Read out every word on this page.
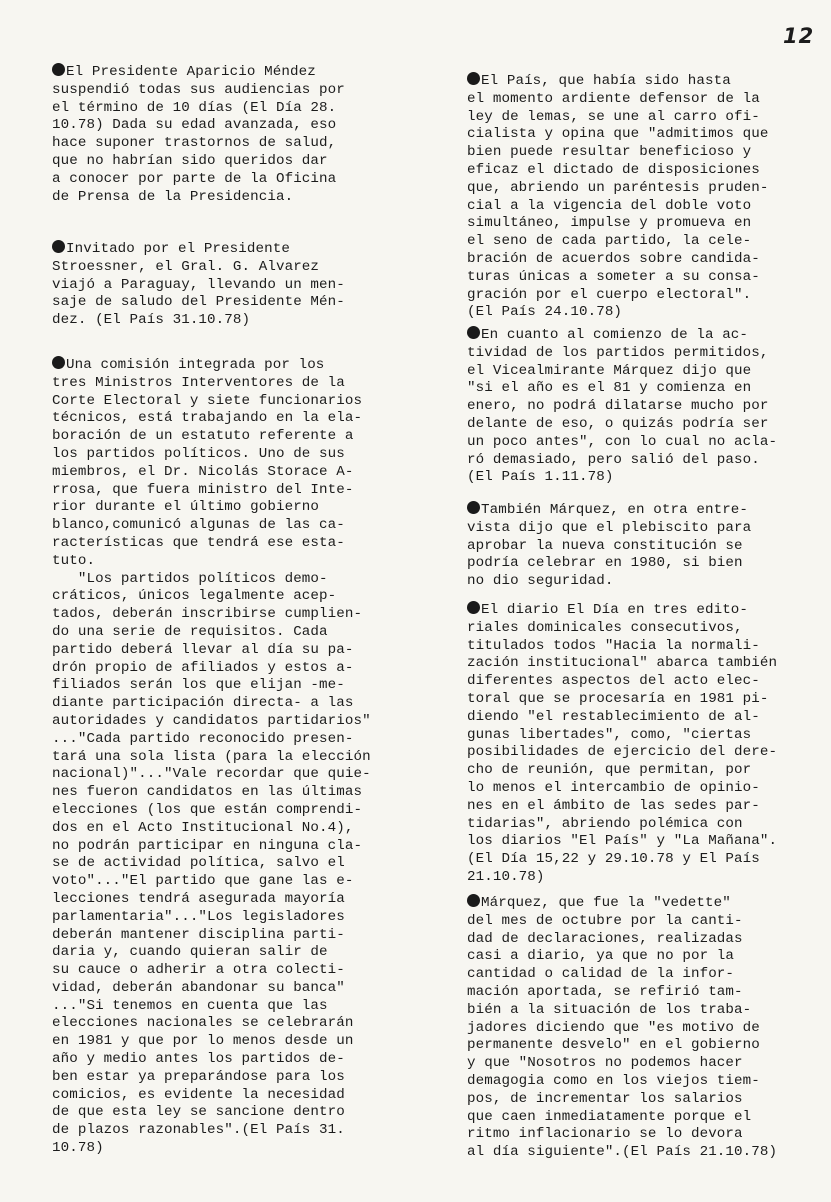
12
El Presidente Aparicio Méndez
suspendió todas sus audiencias por
el término de 10 días (El Día 28.
10.78) Dada su edad avanzada, eso
hace suponer trastornos de salud,
que no habrían sido queridos dar
a conocer por parte de la Oficina
de Prensa de la Presidencia.
Invitado por el Presidente
Stroessner, el Gral. G. Alvarez
viajó a Paraguay, llevando un men-
saje de saludo del Presidente Mén-
dez. (El País 31.10.78)
Una comisión integrada por los
tres Ministros Interventores de la
Corte Electoral y siete funcionarios
técnicos, está trabajando en la ela-
boración de un estatuto referente a
los partidos políticos. Uno de sus
miembros, el Dr. Nicolás Storace A-
rrosa, que fuera ministro del Inte-
rior durante el último gobierno
blanco,comunicó algunas de las ca-
racterísticas que tendrá ese esta-
tuto.
"Los partidos políticos demo-
cráticos, únicos legalmente acep-
tados, deberán inscribirse cumplien-
do una serie de requisitos. Cada
partido deberá llevar al día su pa-
drón propio de afiliados y estos a-
filiados serán los que elijan -me-
diante participación directa- a las
autoridades y candidatos partidarios"
..."Cada partido reconocido presen-
tará una sola lista (para la elección
nacional)"..."Vale recordar que quie-
nes fueron candidatos en las últimas
elecciones (los que están comprendi-
dos en el Acto Institucional No.4),
no podrán participar en ninguna cla-
se de actividad política, salvo el
voto"..."El partido que gane las e-
lecciones tendrá asegurada mayoría
parlamentaria"..."Los legisladores
deberán mantener disciplina parti-
daria y, cuando quieran salir de
su cauce o adherir a otra colecti-
vidad, deberán abandonar su banca"
..."Si tenemos en cuenta que las
elecciones nacionales se celebrarán
en 1981 y que por lo menos desde un
año y medio antes los partidos de-
ben estar ya preparándose para los
comicios, es evidente la necesidad
de que esta ley se sancione dentro
de plazos razonables".(El País 31.
10.78)
El País, que había sido hasta
el momento ardiente defensor de la
ley de lemas, se une al carro ofi-
cialista y opina que "admitimos que
bien puede resultar beneficioso y
eficaz el dictado de disposiciones
que, abriendo un paréntesis pruden-
cial a la vigencia del doble voto
simultáneo, impulse y promueva en
el seno de cada partido, la cele-
bración de acuerdos sobre candida-
turas únicas a someter a su consa-
gración por el cuerpo electoral".
(El País 24.10.78)
En cuanto al comienzo de la ac-
tividad de los partidos permitidos,
el Vicealmirante Márquez dijo que
"si el año es el 81 y comienza en
enero, no podrá dilatarse mucho por
delante de eso, o quizás podría ser
un poco antes", con lo cual no acla-
ró demasiado, pero salió del paso.
(El País 1.11.78)
También Márquez, en otra entre-
vista dijo que el plebiscito para
aprobar la nueva constitución se
podría celebrar en 1980, si bien
no dio seguridad.
El diario El Día en tres edito-
riales dominicales consecutivos,
titulados todos "Hacia la normali-
zación institucional" abarca también
diferentes aspectos del acto elec-
toral que se procesaría en 1981 pi-
diendo "el restablecimiento de al-
gunas libertades", como, "ciertas
posibilidades de ejercicio del dere-
cho de reunión, que permitan, por
lo menos el intercambio de opinio-
nes en el ámbito de las sedes par-
tidarias", abriendo polémica con
los diarios "El País" y "La Mañana".
(El Día 15,22 y 29.10.78 y El País
21.10.78)
Márquez, que fue la "vedette"
del mes de octubre por la canti-
dad de declaraciones, realizadas
casi a diario, ya que no por la
cantidad o calidad de la infor-
mación aportada, se refirió tam-
bién a la situación de los traba-
jadores diciendo que "es motivo de
permanente desvelo" en el gobierno
y que "Nosotros no podemos hacer
demagogia como en los viejos tiem-
pos, de incrementar los salarios
que caen inmediatamente porque el
ritmo inflacionario se lo devora
al día siguiente".(El País 21.10.78)
